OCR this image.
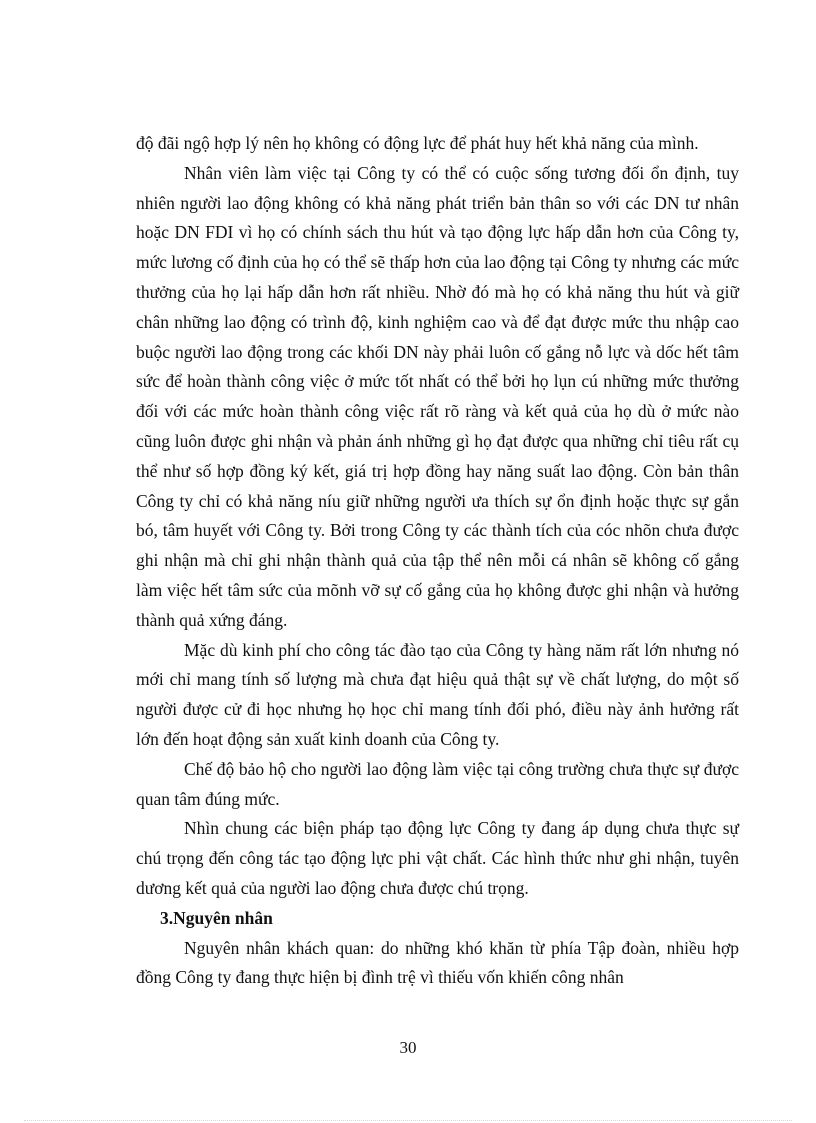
độ đãi ngộ hợp lý nên họ không có động lực để phát huy hết khả năng của mình.

Nhân viên làm việc tại Công ty có thể có cuộc sống tương đối ổn định, tuy nhiên người lao động không có khả năng phát triển bản thân so với các DN tư nhân hoặc DN FDI vì họ có chính sách thu hút và tạo động lực hấp dẫn hơn của Công ty, mức lương cố định của họ có thể sẽ thấp hơn của lao động tại Công ty nhưng các mức thưởng của họ lại hấp dẫn hơn rất nhiều. Nhờ đó mà họ có khả năng thu hút và giữ chân những lao động có trình độ, kinh nghiệm cao và để đạt được mức thu nhập cao buộc người lao động trong các khối DN này phải luôn cố gắng nỗ lực và dốc hết tâm sức để hoàn thành công việc ở mức tốt nhất có thể bởi họ lụn cú những mức thưởng đối với các mức hoàn thành công việc rất rõ ràng và kết quả của họ dù ở mức nào cũng luôn được ghi nhận và phản ánh những gì họ đạt được qua những chỉ tiêu rất cụ thể như số hợp đồng ký kết, giá trị hợp đồng hay năng suất lao động. Còn bản thân Công ty chỉ có khả năng níu giữ những người ưa thích sự ổn định hoặc thực sự gắn bó, tâm huyết với Công ty. Bởi trong Công ty các thành tích của cóc nhõn chưa được ghi nhận mà chỉ ghi nhận thành quả của tập thể nên mỗi cá nhân sẽ không cố gắng làm việc hết tâm sức của mõnh vỡ sự cố gắng của họ không được ghi nhận và hưởng thành quả xứng đáng.

Mặc dù kinh phí cho công tác đào tạo của Công ty hàng năm rất lớn nhưng nó mới chỉ mang tính số lượng mà chưa đạt hiệu quả thật sự về chất lượng, do một số người được cử đi học nhưng họ học chỉ mang tính đối phó, điều này ảnh hưởng rất lớn đến hoạt động sản xuất kinh doanh của Công ty.

Chế độ bảo hộ cho người lao động làm việc tại công trường chưa thực sự được quan tâm đúng mức.

Nhìn chung các biện pháp tạo động lực Công ty đang áp dụng chưa thực sự chú trọng đến công tác tạo động lực phi vật chất. Các hình thức như ghi nhận, tuyên dương kết quả của người lao động chưa được chú trọng.

3.Nguyên nhân

Nguyên nhân khách quan: do những khó khăn từ phía Tập đoàn, nhiều hợp đồng Công ty đang thực hiện bị đình trệ vì thiếu vốn khiến công nhân

30
